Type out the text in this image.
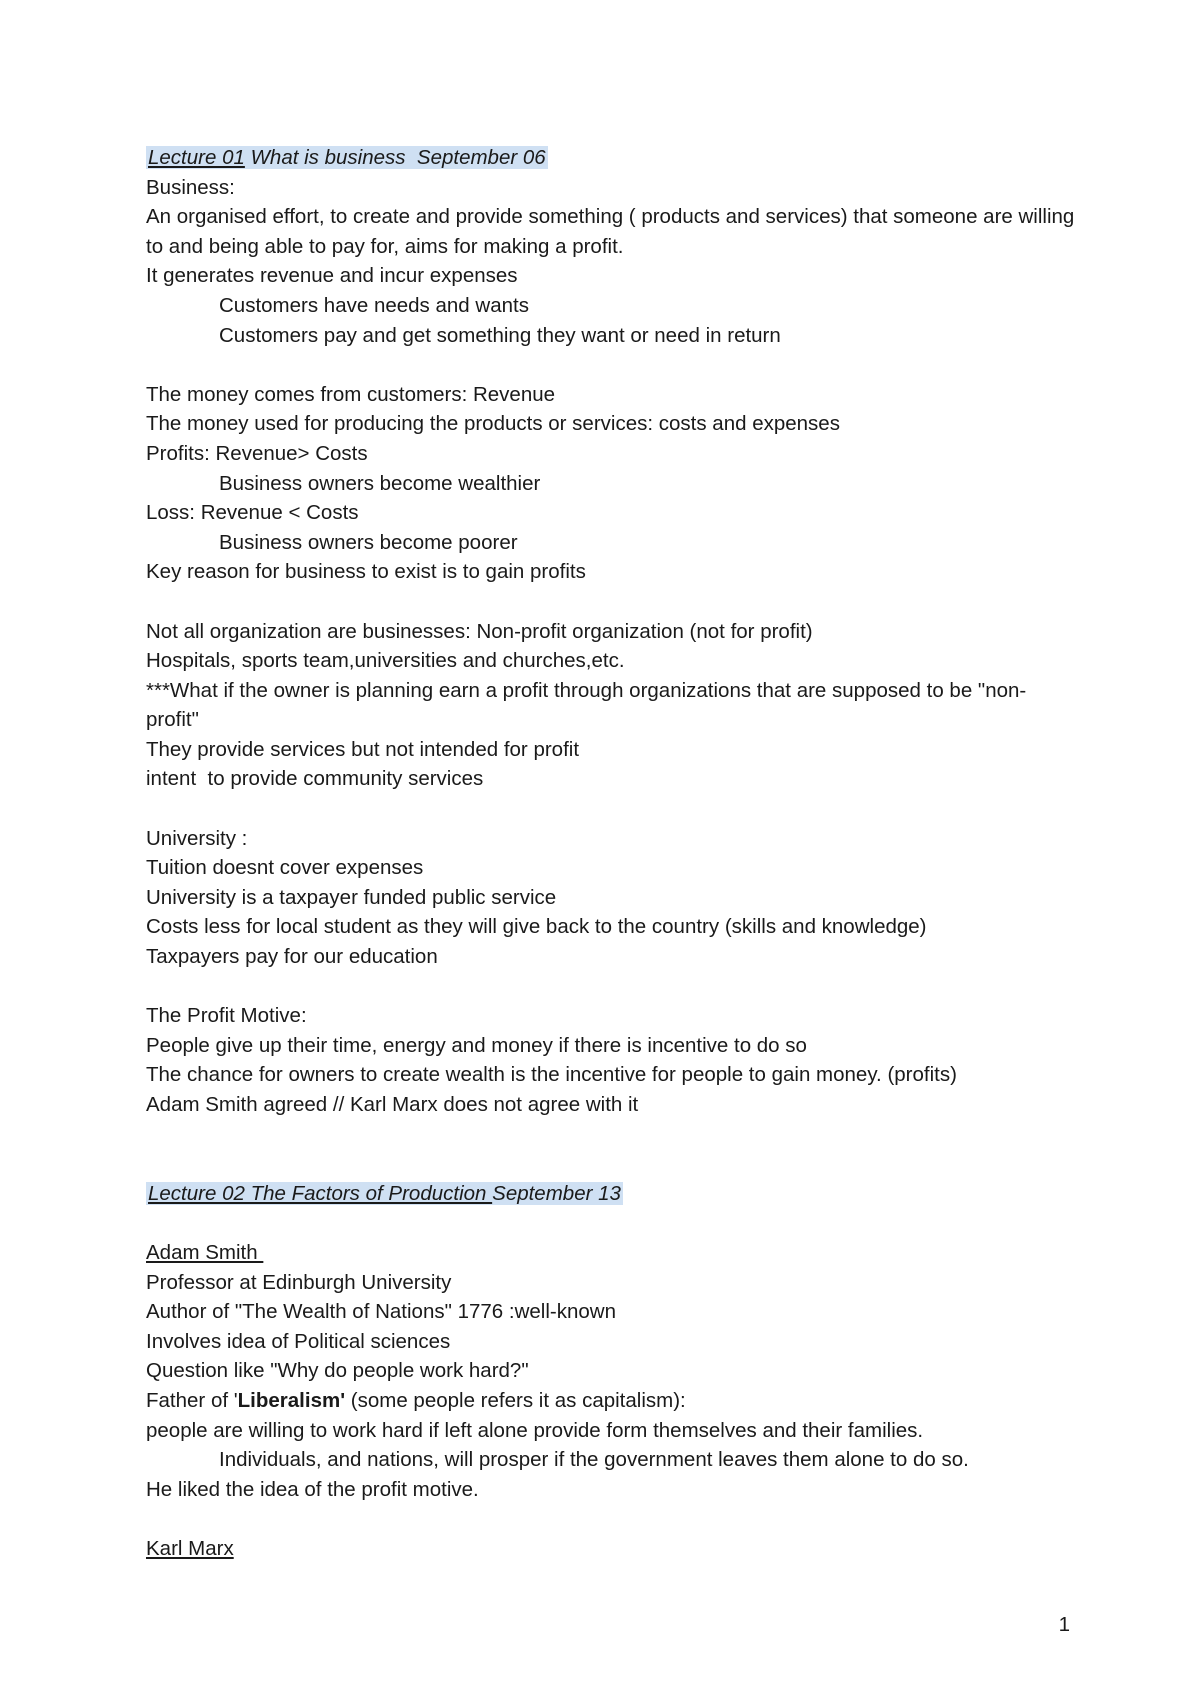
Lecture 01 What is business  September 06
Business:
An organised effort, to create and provide something ( products and services) that someone are willing to and being able to pay for, aims for making a profit.
It generates revenue and incur expenses
Customers have needs and wants
Customers pay and get something they want or need in return
The money comes from customers: Revenue
The money used for producing the products or services: costs and expenses
Profits: Revenue> Costs
Business owners become wealthier
Loss: Revenue < Costs
Business owners become poorer
Key reason for business to exist is to gain profits
Not all organization are businesses: Non-profit organization (not for profit)
Hospitals, sports team,universities and churches,etc.
***What if the owner is planning earn a profit through organizations that are supposed to be "non-profit"
They provide services but not intended for profit
intent  to provide community services
University :
Tuition doesnt cover expenses
University is a taxpayer funded public service
Costs less for local student as they will give back to the country (skills and knowledge)
Taxpayers pay for our education
The Profit Motive:
People give up their time, energy and money if there is incentive to do so
The chance for owners to create wealth is the incentive for people to gain money. (profits)
Adam Smith agreed // Karl Marx does not agree with it
Lecture 02 The Factors of Production September 13
Adam Smith
Professor at Edinburgh University
Author of "The Wealth of Nations" 1776 :well-known
Involves idea of Political sciences
Question like "Why do people work hard?"
Father of 'Liberalism' (some people refers it as capitalism):
people are willing to work hard if left alone provide form themselves and their families.
Individuals, and nations, will prosper if the government leaves them alone to do so.
He liked the idea of the profit motive.
Karl Marx
1
